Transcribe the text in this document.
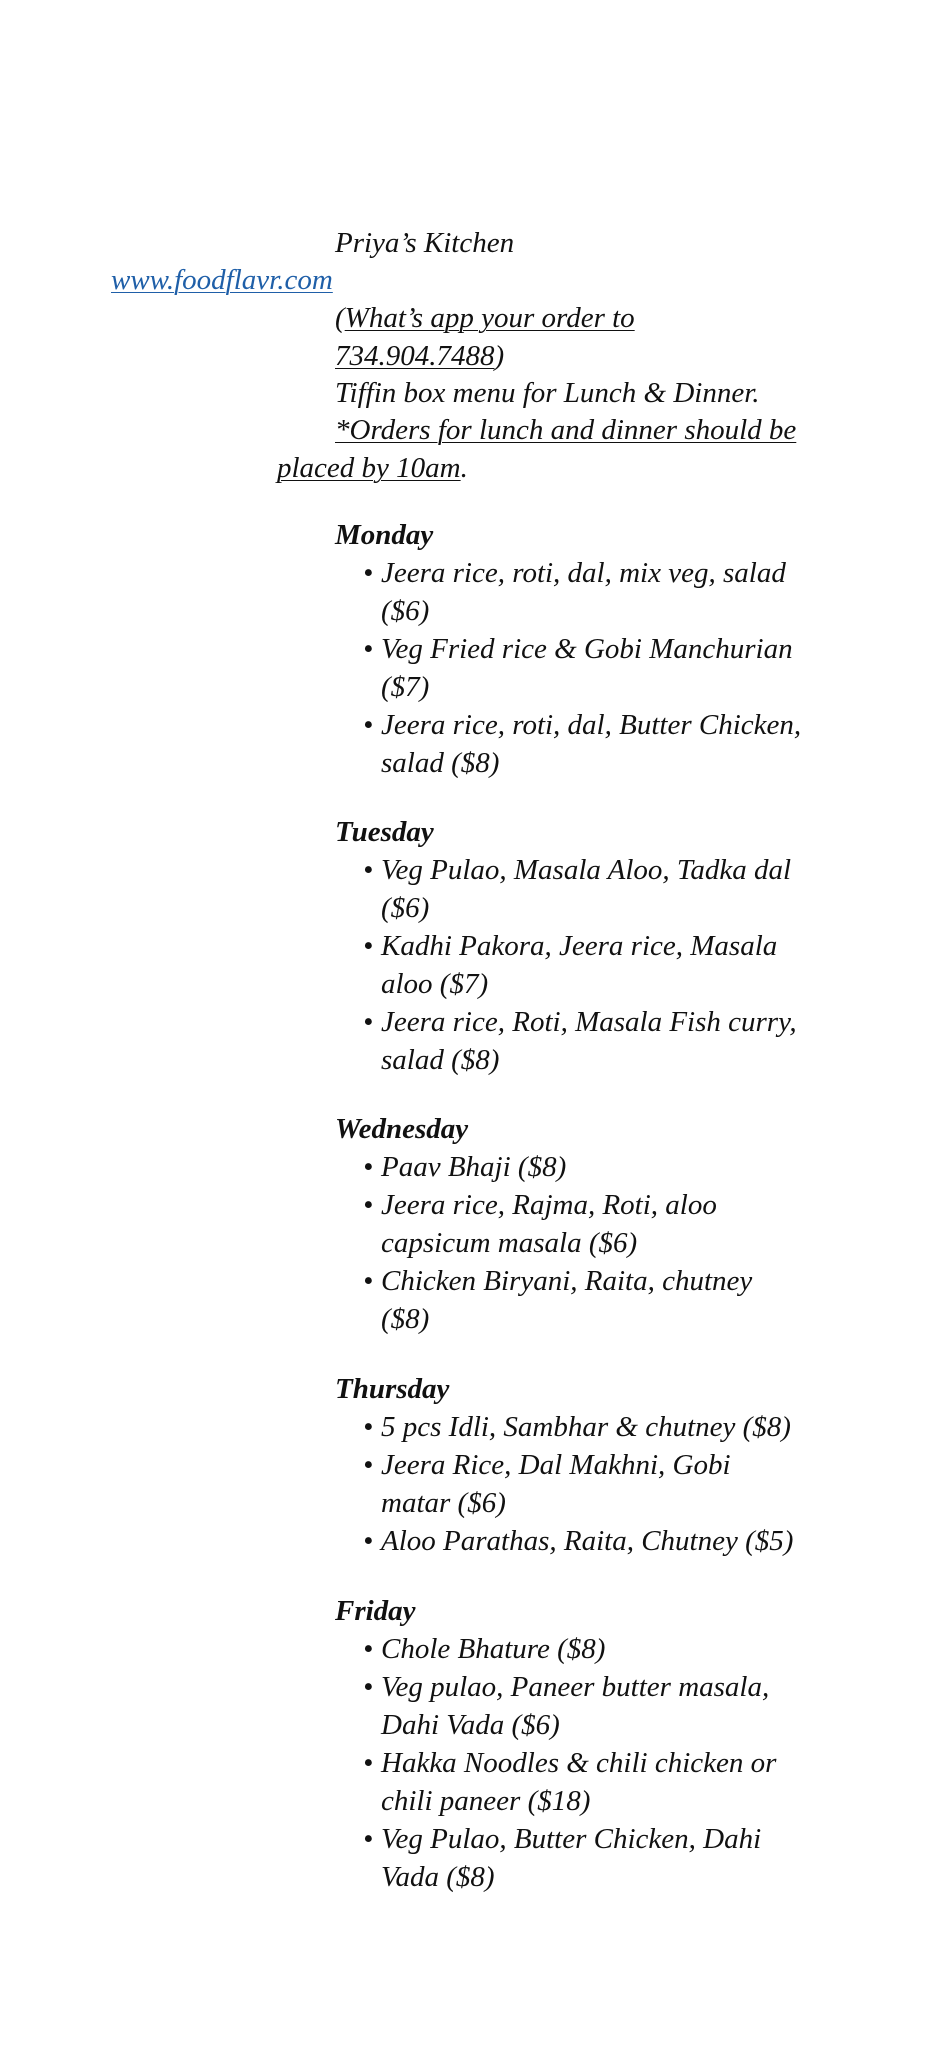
Priya’s Kitchen
www.foodflavr.com
(What’s app your order to
734.904.7488)
Tiffin box menu for Lunch & Dinner.
*Orders for lunch and dinner should be
placed by 10am.
Monday
• Jeera rice, roti, dal, mix veg, salad
($6)
• Veg Fried rice & Gobi Manchurian
($7)
• Jeera rice, roti, dal, Butter Chicken,
salad ($8)
Tuesday
• Veg Pulao, Masala Aloo, Tadka dal
($6)
• Kadhi Pakora, Jeera rice, Masala
aloo ($7)
• Jeera rice, Roti, Masala Fish curry,
salad ($8)
Wednesday
• Paav Bhaji ($8)
• Jeera rice, Rajma, Roti, aloo
capsicum masala ($6)
• Chicken Biryani, Raita, chutney
($8)
Thursday
• 5 pcs Idli, Sambhar & chutney ($8)
• Jeera Rice, Dal Makhni, Gobi
matar ($6)
• Aloo Parathas, Raita, Chutney ($5)
Friday
• Chole Bhature ($8)
• Veg pulao, Paneer butter masala,
Dahi Vada ($6)
• Hakka Noodles & chili chicken or
chili paneer ($18)
• Veg Pulao, Butter Chicken, Dahi
Vada ($8)
